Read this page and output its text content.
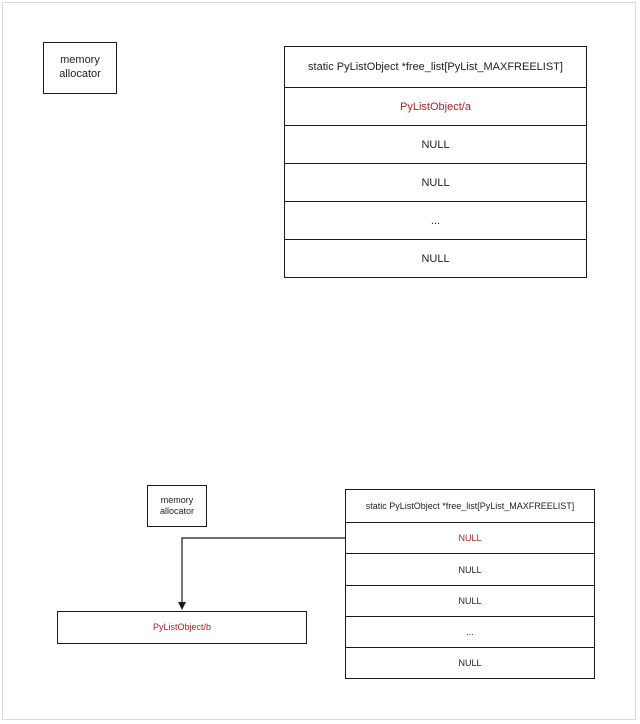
memory
allocator
static PyListObject *free_list[PyList_MAXFREELIST]
PyListObject/a
NULL
NULL
...
NULL
memory
allocator	static PyListObject *free_list[PyList_MAXFREELIST]
NULL
NULL
NULL
...
NULL
PyListObject/b
